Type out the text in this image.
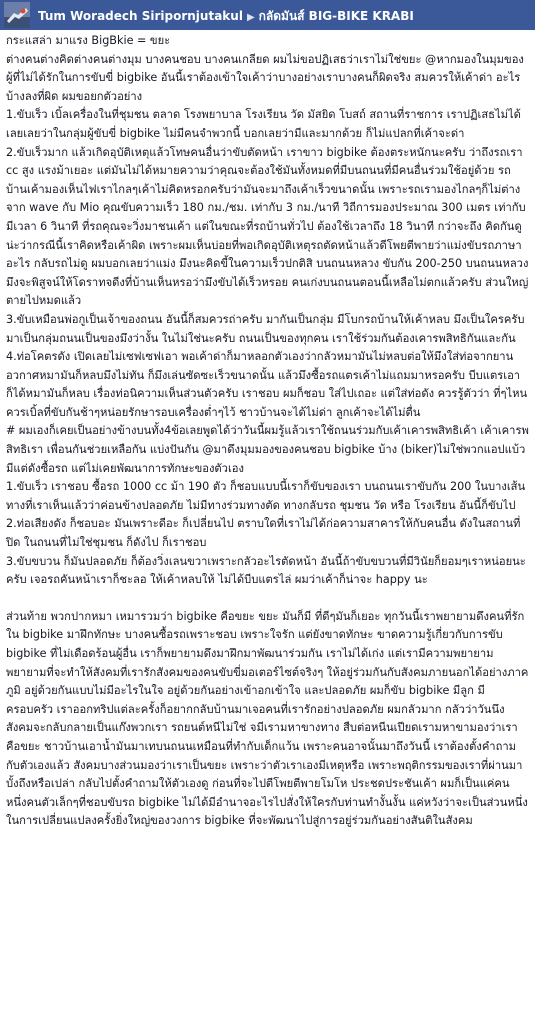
Tum Woradech Siripornjutakul ▶ กลัดมันส์ BIG-BIKE KRABI

กระแสล่า มาแรง BigBkie = ขยะ

ต่างคนต่างคิดต่างคนต่างมุม บางคนชอบ บางคนเกลียด ผมไม่ขอปฏิเสธว่าเราไม่ใช่ขยะ @หากมองในมุมของผู้ที่ไม่ได้รักในการขับขี่ bigbike อันนี้เราต้องเข้าใจเค้าว่าบางอย่างเราบางคนก็ผิดจริง สมควรให้เค้าด่า อะไรบ้างลงที่ผิด ผมขอยกตัวอย่าง

1.ขับเร็ว เบิ้ลเครื่องในที่ชุมชน ตลาด โรงพยาบาล โรงเรียน วัด มัสยิด โบสถ์ สถานที่ราชการ เราปฏิเสธไม่ได้เลยเลยว่าในกลุ่มผู้ขับขี่ bigbike ไม่มีคนจำพวกนี้ บอกเลยว่ามีและมากด้วย ก็ไม่แปลกที่เค้าจะด่า

2.ขับเร็วมาก แล้วเกิดอุบัติเหตุแล้วโทษคนอื่นว่าขับตัดหน้า เราขาว bigbike ต้องตระหนักนะครับ ว่าถึงรถเรา cc สูง แรงม้าเยอะ แต่มันไม่ได้หมายความว่าคุณจะต้องใช้มันทั้งหมดที่มีบนถนนที่มีคนอื่นร่วมใช้อยู่ด้วย รถบ้านเค้ามองเห็นไฟเราไกลๆเค้าไม่คิดหรอกครับว่ามันจะมาถึงเค้าเร็วขนาดนั้น เพราะรถเรามองไกลๆก็ไม่ต่างจาก wave กับ Mio คุณขับความเร็ว 180 กม./ชม. เท่ากับ 3 กม./นาที วิถีการมองประมาณ 300 เมตร เท่ากับมีเวลา 6 วินาที ที่รถคุณจะวิ่งมาชนเค้า แต่ในขณะที่รถบ้านทั่วไป ต้องใช้เวลาถึง 18 วินาที กว่าจะถึง คิดกันดูน่ะว่ากรณีนี้เราคิดหรือเค้าผิด เพราะผมเห็นบ่อยที่พอเกิดอุบัติเหตุรถตัดหน้าแล้วดีโพยตีพายว่าแม่งขับรถภาษาอะไร กลับรถไม่ดู ผมบอกเลยว่าแม่ง มึงนะคิดขี้ในความเร็วปกติสิ บนถนนหลวง ขับกัน 200-250 บนถนนหลวงมึงจะพิสูจน์ให้โดราทจดีงที่บ้านเห็นหรอว่ามึงขับได้เร็วหรอย คนเก่งบนถนนตอนนี้เหลือไม่ตกแล้วครับ ส่วนใหญ่ตายไปหมดแล้ว

3.ขับเหมือนพ่อกูเป็นเจ้าของถนน อันนี้ก็สมควรถ่าครับ มากันเป็นกลุ่ม มีโบกรถบ้านให้เค้าหลบ มึงเป็นใครครับมาเป็นกลุ่มถนนเป็นของมึงว่างั้น ในไม่ใช่นะครับ ถนนเป็นของทุกคน เราใช้ร่วมกันต้องเคารพสิทธิกันและกัน

4.ท่อโคตรดัง เปิดเลยไม่เซฟเซฟเอา พอเค้าด่าก็มาหลอกตัวเองว่ากลัวหมามันไม่หลบต่อให้มึงใส่ท่อจากยานอวกาศหมามันก็หลบมึงไม่ทัน ก็มึงเล่นซัดซะเร็วขนาดนั้น แล้วมึงซื้อรถแตรเค้าไม่แถมมาหรอครับ บีบแตรเอาก็ได้หมามันก็หลบ เรื่องท่อนิความเห็นส่วนตัวครับ เราชอบ ผมก็ชอบ ใส่ไปเถอะ แต่ใส่ท่อดัง ควรรู้ตัวว่า ที่ๆไหนควรเบิ้ลที่ขับกันช้าๆหน่อยรักษารอบเครื่องต่ำๆไว้ ชาวบ้านจะได้ไม่ด่า ลูกเค้าจะได้ไม่ตื่น

# ผมเองก็เคยเป็นอย่างข้างบนทั้ง4ข้อเลยพูดได้ว่าวันนี้ผมรู้แล้วเราใช้ถนนร่วมกับเค้าเคารพสิทธิเค้า เค้าเคารพสิทธิเรา เพื่อนกันช่วยเหลือกัน แบ่งปันกัน @มาดึงมุมมองของคนชอบ bigbike บ้าง (biker)ไม่ใช่พวกแอปแบ้ว มีแต่ดังซื้อรถ แต่ไม่เคยพัฒนาการทักษะของตัวเอง

1.ขับเร็ว เราชอบ ซื้อรถ 1000 cc ม้า 190 ตัว ก็ชอบแบบนี้เราก็ขับของเรา บนถนนเราขับกัน 200 ในบางเส้นทางที่เราเห็นแล้วว่าค่อนข้างปลอดภัย ไม่มีทางร่วมทางตัด ทางกลับรถ ชุมชน วัด หรือ โรงเรียน อันนี้ก็ขับไป

2.ท่อเสียงดัง ก็ชอบอะ มันเพราะดีอะ ก็เปลี่ยนไป ตราบใดที่เราไม่ได้ก่อความสาคารให้กับคนอื่น ดังในสถานที่ปิด ในถนนที่ไม่ใช่ชุมชน ก็ดังไป ก็เราชอบ

3.ขับขบวน ก็มันปลอดภัย ก็ต้องวิ่งเลนขวาเพราะกลัวอะไรตัดหน้า อันนี้ถ้าขับขบวนที่มีวินัยก็ยอมๆเราหน่อยนะครับ เจอรถคันหน้าเราก็ชะลอ ให้เค้าหลบให้ ไม่ได้บีบแตรไล่ ผมว่าเค้าก็น่าจะ happy นะ

ส่วนท้าย พวกปากหมา เหมารวมว่า bigbike คือขยะ ขยะ มันก็มี ที่ดีๆมันก็เยอะ ทุกวันนี้เราพยายามดึงคนที่รักใน bigbike มาฝึกทักษะ บางคนซื้อรถเพราะชอบ เพราะใจรัก แต่ยังขาดทักษะ ขาดความรู้เกี่ยวกับการขับ bigbike ที่ไม่เดือดร้อนผู้อื่น เราก็พยายามดึงมาฝึกมาพัฒนาร่วมกัน เราไม่ได้เก่ง แต่เรามีความพยายาม พยายามที่จะทำให้สังคมที่เรารักสังคมของคนขับขี่มอเตอร์ไซต์จริงๆ ให้อยู่ร่วมกันกับสังคมภายนอกได้อย่างภาคภูมิ อยู่ด้วยกันแบบไม่มีอะไรในใจ อยู่ด้วยกันอย่างเข้าอกเข้าใจ และปลอดภัย ผมก็ขับ bigbike มีลูก มีครอบครัว เราออกทริปแต่ละครั้งก็อยากกลับบ้านมาเจอคนที่เรารักอย่างปลอดภัย ผมกลัวมาก กลัวว่าวันนึง สังคมจะกลับกลายเป็นแก๊งพวกเรา รถยนต์หนีไม่ใช่ จมีเรามหาขางทาง สืบต่อหนีนเปียดเรามหาขามองว่าเราคือขยะ ชาวบ้านเอาน้ำมันมาเทบนถนนเหมือนที่ทำกับเด็กแว้น เพราะคนอาจนั้นมาถึงวันนี้ เราต้องตั้งคำถามกับตัวเองแล้ว สังคมบางส่วนมองว่าเราเป็นขยะ เพราะว่าตัวเราเองมีเหตุหรือ เพราะพฤติกรรมของเราที่ผ่านมาบั้งถึงหรือเปล่า กลับไปตั้งคำถามให้ตัวเองดู ก่อนที่จะไปตีโพยตีพายโมโห ประชดประชันเค้า ผมก็เป็นแค่คนหนึ่งคนตัวเล็กๆที่ชอบขับรถ bigbike ไม่ได้มีอำนาจอะไรไปสั่งให้ใครกับท่านทำงั้นงั้น แค่หวังว่าจะเป็นส่วนหนึ่งในการเปลี่ยนแปลงครั้งยิ่งใหญ่ของวงการ bigbike ที่จะพัฒนาไปสู่การอยู่ร่วมกันอย่างสันติในสังคม
